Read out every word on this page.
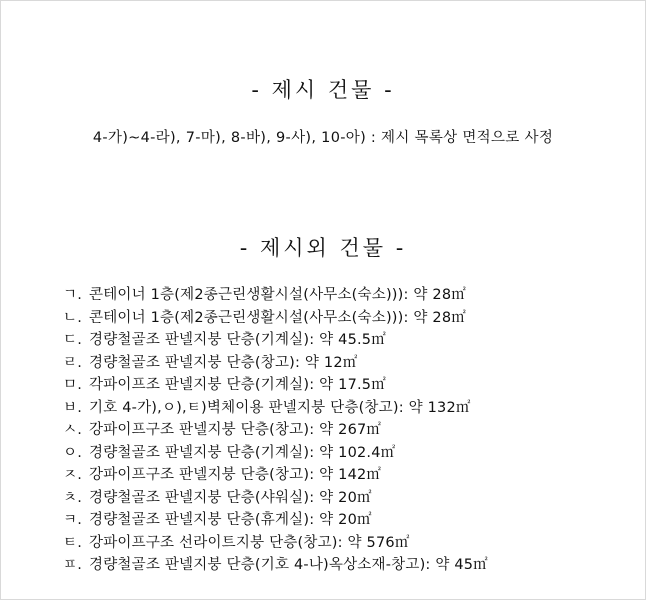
- 제시 건물 -
4-가)~4-라), 7-마), 8-바), 9-사), 10-아) : 제시 목록상 면적으로 사정
- 제시외 건물 -
ㄱ. 콘테이너 1층(제2종근린생활시설(사무소(숙소))): 약 28㎡
ㄴ. 콘테이너 1층(제2종근린생활시설(사무소(숙소))): 약 28㎡
ㄷ. 경량철골조 판넬지붕 단층(기계실): 약 45.5㎡
ㄹ. 경량철골조 판넬지붕 단층(창고): 약 12㎡
ㅁ. 각파이프조 판넬지붕 단층(기계실): 약 17.5㎡
ㅂ. 기호 4-가),ㅇ),ㅌ)벽체이용 판넬지붕 단층(창고): 약 132㎡
ㅅ. 강파이프구조 판넬지붕 단층(창고): 약 267㎡
ㅇ. 경량철골조 판넬지붕 단층(기계실): 약 102.4㎡
ㅈ. 강파이프구조 판넬지붕 단층(창고): 약 142㎡
ㅊ. 경량철골조 판넬지붕 단층(샤워실): 약 20㎡
ㅋ. 경량철골조 판넬지붕 단층(휴게실): 약 20㎡
ㅌ. 강파이프구조 선라이트지붕 단층(창고): 약 576㎡
ㅍ. 경량철골조 판넬지붕 단층(기호 4-나)옥상소재-창고): 약 45㎡
